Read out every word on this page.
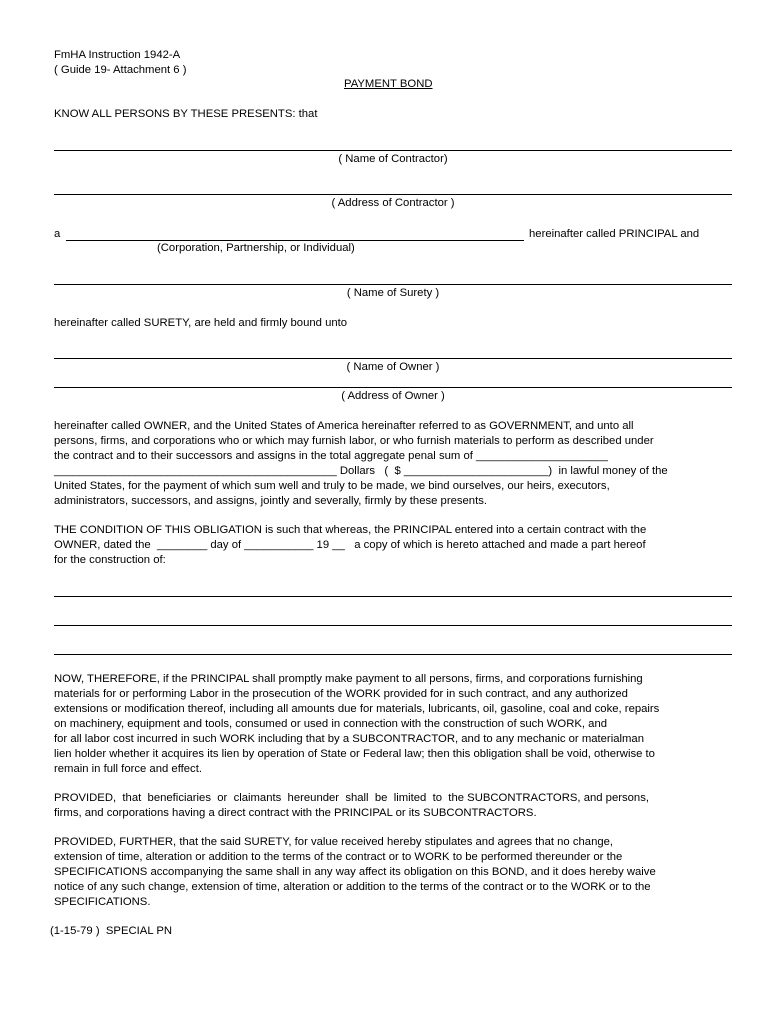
FmHA Instruction 1942-A
( Guide 19- Attachment 6 )
PAYMENT BOND
KNOW ALL PERSONS BY THESE PRESENTS: that
( Name of Contractor)
( Address of Contractor )
a	hereinafter called PRINCIPAL and
(Corporation, Partnership, or Individual)
( Name of Surety )
hereinafter called SURETY, are held and firmly bound unto
( Name of Owner )
( Address of Owner )
hereinafter called OWNER, and the United States of America hereinafter referred to as GOVERNMENT, and unto all
persons, firms, and corporations who or which may furnish labor, or who furnish materials to perform as described under
the contract and to their successors and assigns in the total aggregate penal sum of _____________________
_____________________________________________ Dollars   (  $ _______________________)  in lawful money of the
United States, for the payment of which sum well and truly to be made, we bind ourselves, our heirs, executors,
administrators, successors, and assigns, jointly and severally, firmly by these presents.
THE CONDITION OF THIS OBLIGATION is such that whereas, the PRINCIPAL entered into a certain contract with the
OWNER, dated the  ________ day of ___________ 19 __   a copy of which is hereto attached and made a part hereof
for the construction of:
NOW, THEREFORE, if the PRINCIPAL shall promptly make payment to all persons, firms, and corporations furnishing
materials for or performing Labor in the prosecution of the WORK provided for in such contract, and any authorized
extensions or modification thereof, including all amounts due for materials, lubricants, oil, gasoline, coal and coke, repairs
on machinery, equipment and tools, consumed or used in connection with the construction of such WORK, and
for all labor cost incurred in such WORK including that by a SUBCONTRACTOR, and to any mechanic or materialman
lien holder whether it acquires its lien by operation of State or Federal law; then this obligation shall be void, otherwise to
remain in full force and effect.
PROVIDED,  that  beneficiaries  or  claimants  hereunder  shall  be  limited  to  the SUBCONTRACTORS, and persons,
firms, and corporations having a direct contract with the PRINCIPAL or its SUBCONTRACTORS.
PROVIDED, FURTHER, that the said SURETY, for value received hereby stipulates and agrees that no change,
extension of time, alteration or addition to the terms of the contract or to WORK to be performed thereunder or the
SPECIFICATIONS accompanying the same shall in any way affect its obligation on this BOND, and it does hereby waive
notice of any such change, extension of time, alteration or addition to the terms of the contract or to the WORK or to the
SPECIFICATIONS.
(1-15-79 )  SPECIAL PN
